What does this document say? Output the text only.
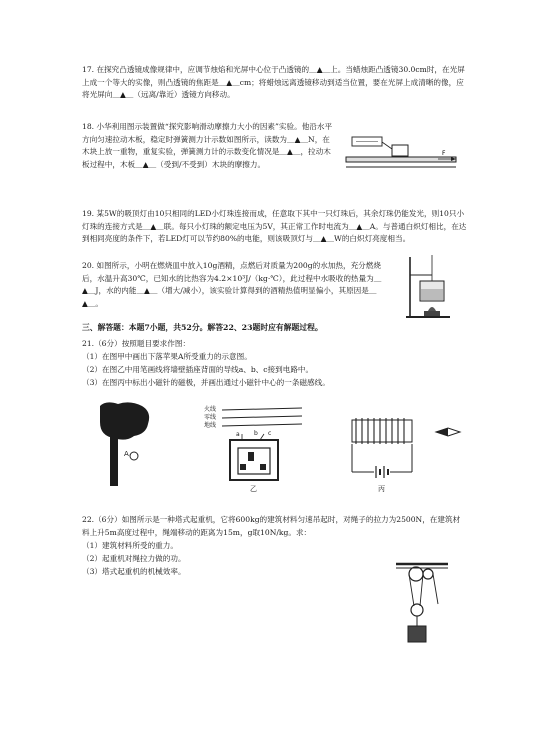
17. 在探究凸透镜成像规律中，应调节烛焰和光屏中心位于凸透镜的＿▲＿上。当蜡烛距凸透镜30.0cm时，在光屏上成一个等大的实像，则凸透镜的焦距是＿▲＿cm；将蜡烛远离透镜移动到适当位置，要在光屏上成清晰的像，应将光屏向＿▲＿（远离/靠近）透镜方向移动。
18. 小华利用图示装置做“探究影响滑动摩擦力大小的因素”实验。他沿水平方向匀速拉动木板，稳定时弹簧测力计示数如图所示，读数为＿▲＿N，在木块上放一重物，重复实验，弹簧测力计的示数变化情况是＿▲＿，拉动木板过程中，木板＿▲＿（受到/不受到）木块的摩擦力。
F
19. 某5W的吸顶灯由10只相同的LED小灯珠连接而成，任意取下其中一只灯珠后，其余灯珠仍能发光，则10只小灯珠的连接方式是＿▲＿联。每只小灯珠的额定电压为5V，其正常工作时电流为＿▲＿A。与普通白炽灯相比，在达到相同亮度的条件下，若LED灯可以节约80%的电能，则该吸顶灯与＿▲＿W的白炽灯亮度相当。
20. 如图所示，小明在燃烧皿中放入10g酒精，点燃后对质量为200g的水加热，充分燃烧后，水温升高30℃，已知水的比热容为4.2×10³J/（kg·℃），此过程中水吸收的热量为＿▲＿J，水的内能＿▲＿（增大/减小），该实验计算得到的酒精热值明显偏小，其原因是＿▲＿。
三、解答题：本题7小题，共52分。解答22、23题时应有解题过程。
21.（6分）按照题目要求作图：
（1）在图甲中画出下落苹果A所受重力的示意图。
（2）在图乙中用笔画线将墙壁插座背面的导线a、b、c接到电路中。
（3）在图丙中标出小磁针的磁极，并画出通过小磁针中心的一条磁感线。
A
火线
零线
地线
a b c
乙	丙
22.（6分）如图所示是一种塔式起重机，它将600kg的建筑材料匀速吊起时，对绳子的拉力为2500N，在建筑材料上升5m高度过程中，绳端移动的距离为15m，g取10N/kg。求：
（1）建筑材料所受的重力。
（2）起重机对绳拉力做的功。
（3）塔式起重机的机械效率。
